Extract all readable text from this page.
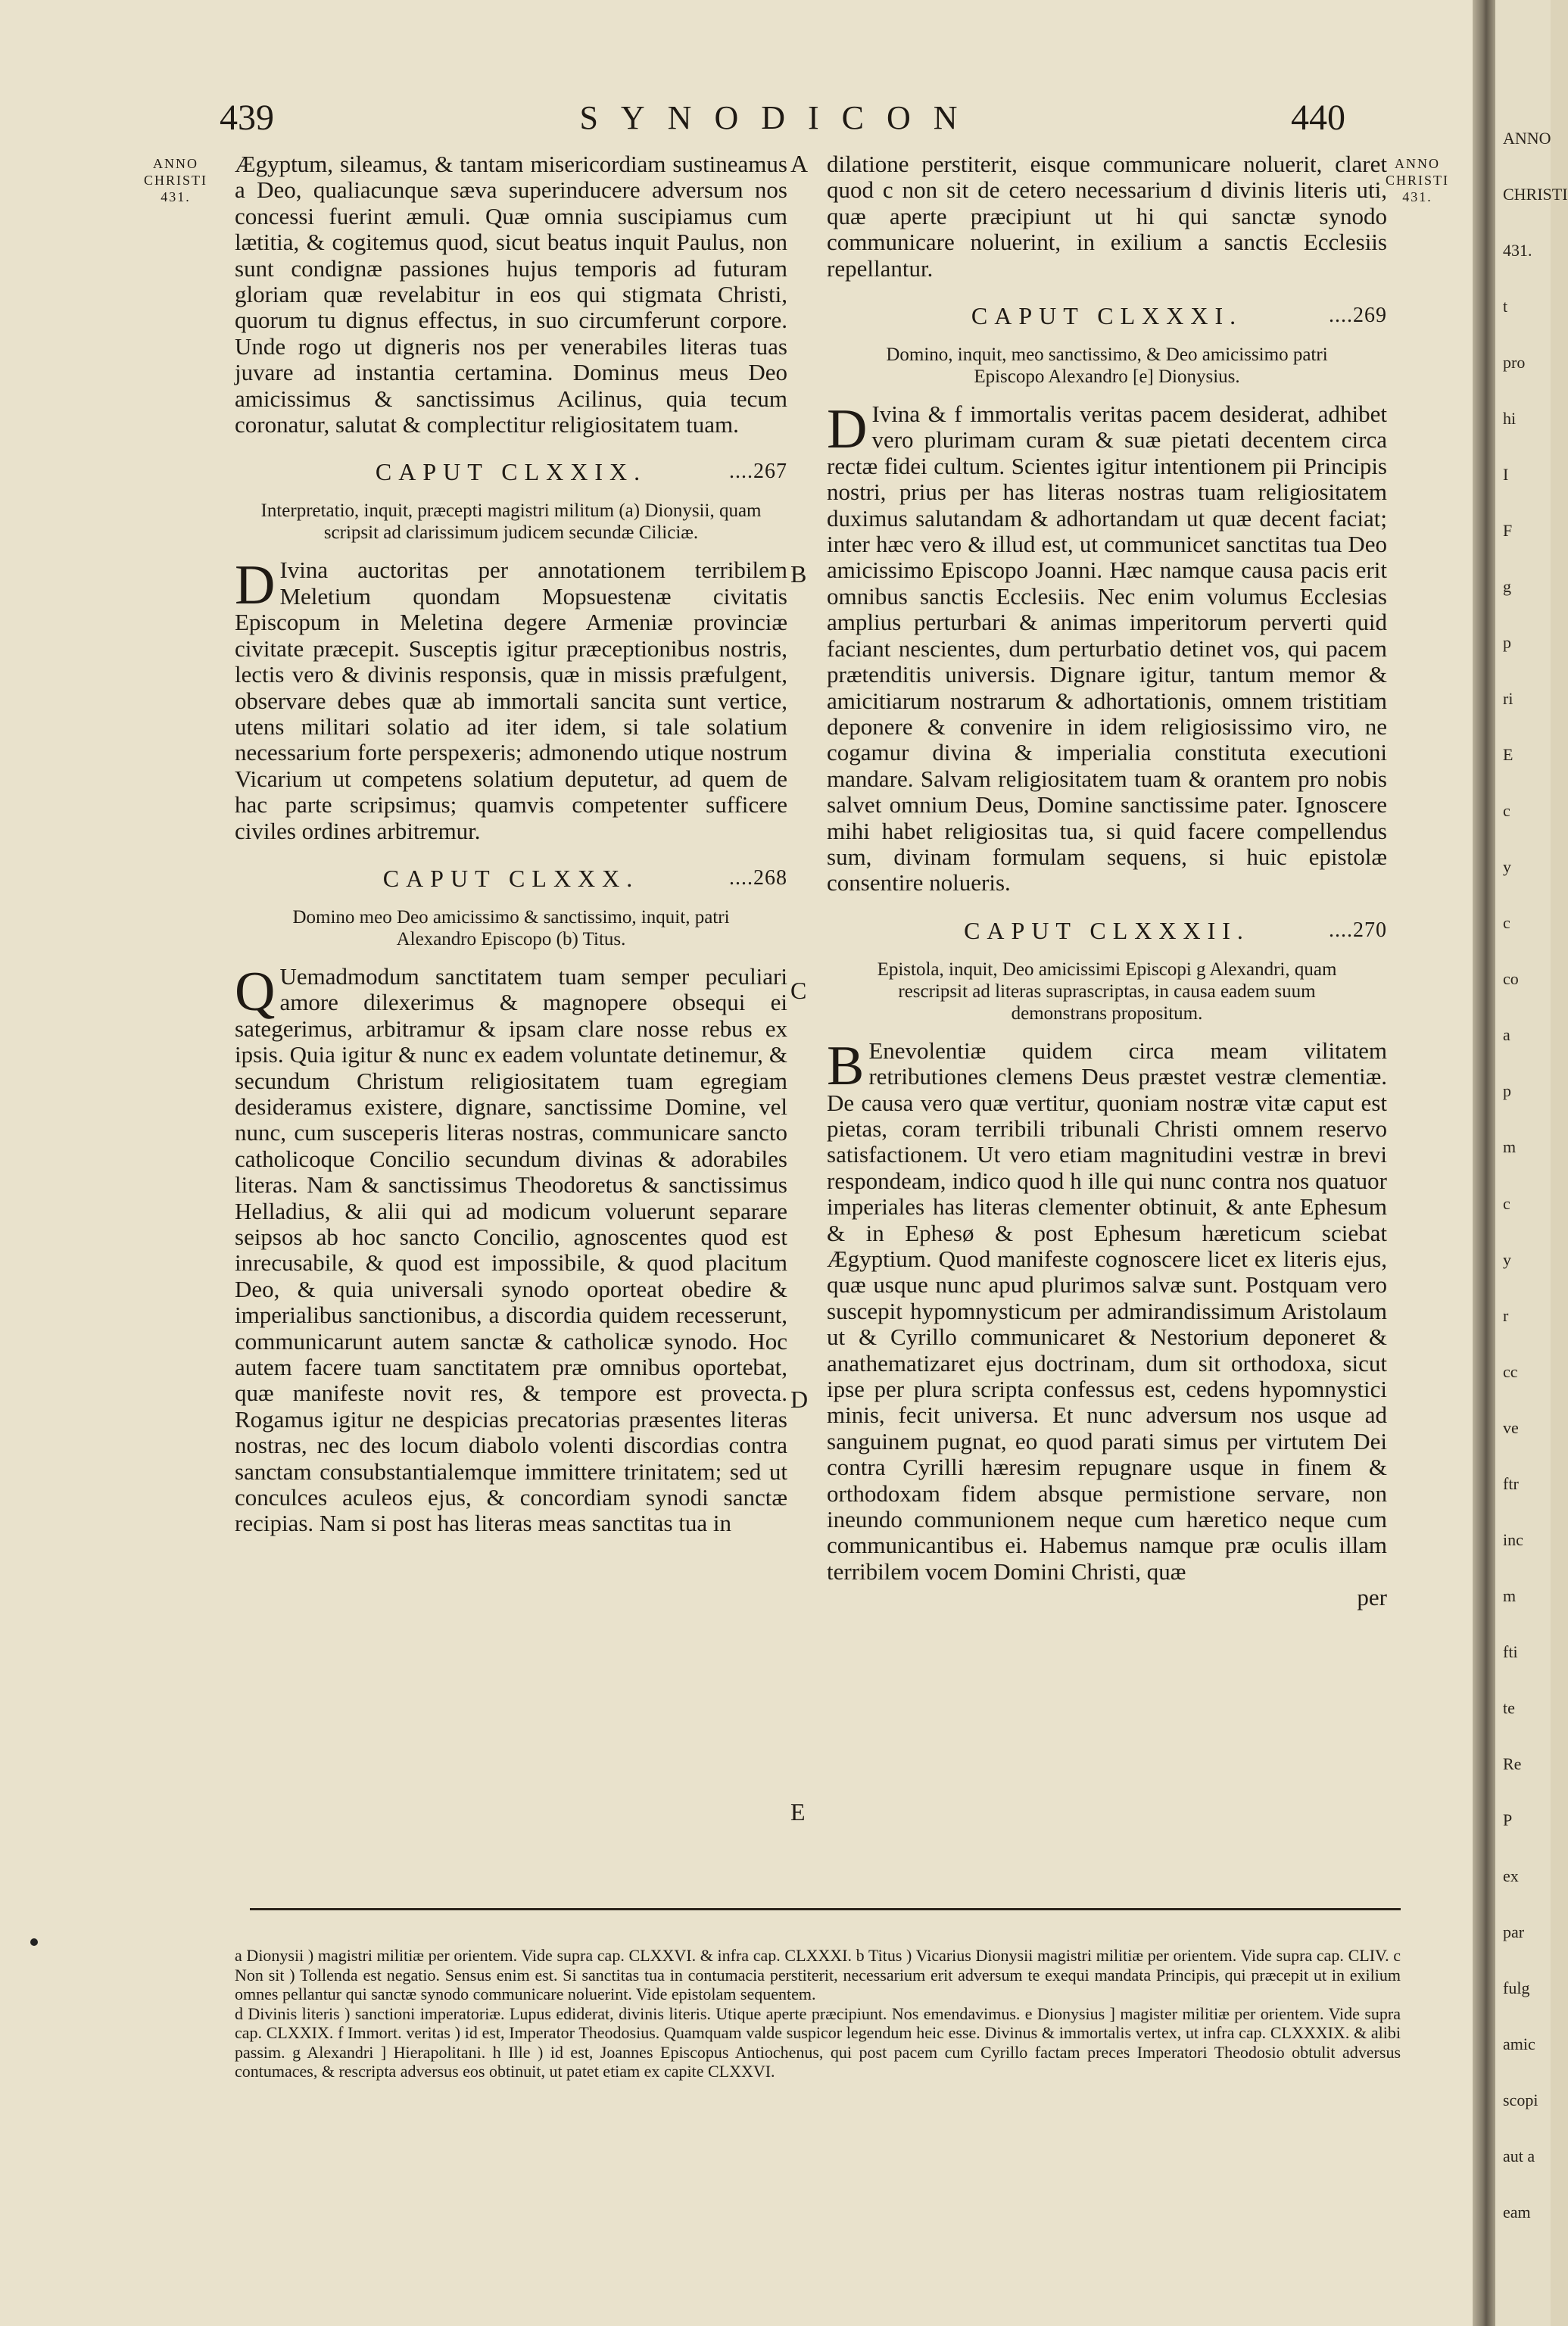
439	SYNODICON	440
ANNO CHRISTI 431.
ANNO CHRISTI 431.
A
B
C
D
E

Ægyptum, sileamus, & tantam misericordiam sustineamus a Deo, qualiacunque sæva superinducere adversum nos concessi fuerint æmuli. Quæ omnia suscipiamus cum lætitia, & cogitemus quod, sicut beatus inquit Paulus, non sunt condignæ passiones hujus temporis ad futuram gloriam quæ revelabitur in eos qui stigmata Christi, quorum tu dignus effectus, in suo circumferunt corpore. Unde rogo ut digneris nos per venerabiles literas tuas juvare ad instantia certamina. Dominus meus Deo amicissimus & sanctissimus Acilinus, quia tecum coronatur, salutat & complectitur religiositatem tuam.

CAPUT CLXXIX.	....267
Interpretatio, inquit, præcepti magistri militum (a) Dionysii, quam scripsit ad clarissimum judicem secundæ Ciliciæ.

D Ivina auctoritas per annotationem terribilem Meletium quondam Mopsuestenæ civitatis Episcopum in Meletina degere Armeniæ provinciæ civitate præcepit. Susceptis igitur præceptionibus nostris, lectis vero & divinis responsis, quæ in missis præfulgent, observare debes quæ ab immortali sancita sunt vertice, utens militari solatio ad iter idem, si tale solatium necessarium forte perspexeris; admonendo utique nostrum Vicarium ut competens solatium deputetur, ad quem de hac parte scripsimus; quamvis competenter sufficere civiles ordines arbitremur.

CAPUT CLXXX.	....268
Domino meo Deo amicissimo & sanctissimo, inquit, patri Alexandro Episcopo (b) Titus.

Q Uemadmodum sanctitatem tuam semper peculiari amore dilexerimus & magnopere obsequi ei sategerimus, arbitramur & ipsam clare nosse rebus ex ipsis. Quia igitur & nunc ex eadem voluntate detinemur, & secundum Christum religiositatem tuam egregiam desideramus existere, dignare, sanctissime Domine, vel nunc, cum susceperis literas nostras, communicare sancto catholicoque Concilio secundum divinas & adorabiles literas. Nam & sanctissimus Theodoretus & sanctissimus Helladius, & alii qui ad modicum voluerunt separare seipsos ab hoc sancto Concilio, agnoscentes quod est inrecusabile, & quod est impossibile, & quod placitum Deo, & quia universali synodo oporteat obedire & imperialibus sanctionibus, a discordia quidem recesserunt, communicarunt autem sanctæ & catholicæ synodo. Hoc autem facere tuam sanctitatem præ omnibus oportebat, quæ manifeste novit res, & tempore est provecta. Rogamus igitur ne despicias precatorias præsentes literas nostras, nec des locum diabolo volenti discordias contra sanctam consubstantialemque immittere trinitatem; sed ut conculces aculeos ejus, & concordiam synodi sanctæ recipias. Nam si post has literas meas sanctitas tua in

dilatione perstiterit, eisque communicare noluerit, claret quod c non sit de cetero necessarium d divinis literis uti, quæ aperte præcipiunt ut hi qui sanctæ synodo communicare noluerint, in exilium a sanctis Ecclesiis repellantur.

CAPUT CLXXXI.	....269
Domino, inquit, meo sanctissimo, & Deo amicissimo patri Episcopo Alexandro [e] Dionysius.

D Ivina & f immortalis veritas pacem desiderat, adhibet vero plurimam curam & suæ pietati decentem circa rectæ fidei cultum. Scientes igitur intentionem pii Principis nostri, prius per has literas nostras tuam religiositatem duximus salutandam & adhortandam ut quæ decent faciat; inter hæc vero & illud est, ut communicet sanctitas tua Deo amicissimo Episcopo Joanni. Hæc namque causa pacis erit omnibus sanctis Ecclesiis. Nec enim volumus Ecclesias amplius perturbari & animas imperitorum perverti quid faciant nescientes, dum perturbatio detinet vos, qui pacem prætenditis universis. Dignare igitur, tantum memor & amicitiarum nostrarum & adhortationis, omnem tristitiam deponere & convenire in idem religiosissimo viro, ne cogamur divina & imperialia constituta executioni mandare. Salvam religiositatem tuam & orantem pro nobis salvet omnium Deus, Domine sanctissime pater. Ignoscere mihi habet religiositas tua, si quid facere compellendus sum, divinam formulam sequens, si huic epistolæ consentire nolueris.

CAPUT CLXXXII.	....270
Epistola, inquit, Deo amicissimi Episcopi g Alexandri, quam rescripsit ad literas suprascriptas, in causa eadem suum demonstrans propositum.

B Enevolentiæ quidem circa meam vilitatem retributiones clemens Deus præstet vestræ clementiæ. De causa vero quæ vertitur, quoniam nostræ vitæ caput est pietas, coram terribili tribunali Christi omnem reservo satisfactionem. Ut vero etiam magnitudini vestræ in brevi respondeam, indico quod h ille qui nunc contra nos quatuor imperiales has literas clementer obtinuit, & ante Ephesum & in Ephesø & post Ephesum hæreticum sciebat Ægyptium. Quod manifeste cognoscere licet ex literis ejus, quæ usque nunc apud plurimos salvæ sunt. Postquam vero suscepit hypomnysticum per admirandissimum Aristolaum ut & Cyrillo communicaret & Nestorium deponeret & anathematizaret ejus doctrinam, dum sit orthodoxa, sicut ipse per plura scripta confessus est, cedens hypomnystici minis, fecit universa. Et nunc adversum nos usque ad sanguinem pugnat, eo quod parati simus per virtutem Dei contra Cyrilli hæresim repugnare usque in finem & orthodoxam fidem absque permistione servare, non ineundo communionem neque cum hæretico neque cum communicantibus ei. Habemus namque præ oculis illam terribilem vocem Domini Christi, quæ

per

a Dionysii ) magistri militiæ per orientem. Vide supra cap. CLXXVI. & infra cap. CLXXXI. b Titus ) Vicarius Dionysii magistri militiæ per orientem. Vide supra cap. CLIV. c Non sit ) Tollenda est negatio. Sensus enim est. Si sanctitas tua in contumacia perstiterit, necessarium erit adversum te exequi mandata Principis, qui præcepit ut in exilium omnes pellantur qui sanctæ synodo communicare noluerint. Vide epistolam sequentem.

d Divinis literis ) sanctioni imperatoriæ. Lupus ediderat, divinis literis. Utique aperte præcipiunt. Nos emendavimus. e Dionysius ] magister militiæ per orientem. Vide supra cap. CLXXIX. f Immort. veritas ) id est, Imperator Theodosius. Quamquam valde suspicor legendum heic esse. Divinus & immortalis vertex, ut infra cap. CLXXXIX. & alibi passim. g Alexandri ] Hierapolitani. h Ille ) id est, Joannes Episcopus Antiochenus, qui post pacem cum Cyrillo factam preces Imperatori Theodosio obtulit adversus contumaces, & rescripta adversus eos obtinuit, ut patet etiam ex capite CLXXVI.

ANNO
CHRISTI
431.
t
pro
hi
I
F
g
p
ri
E
c
y
c
co
a
p
m
c
y
r
cc
ve
ftr
inc
m
fti
te
Re
P
ex
par
fulg
amic
scopi
aut a
eam
